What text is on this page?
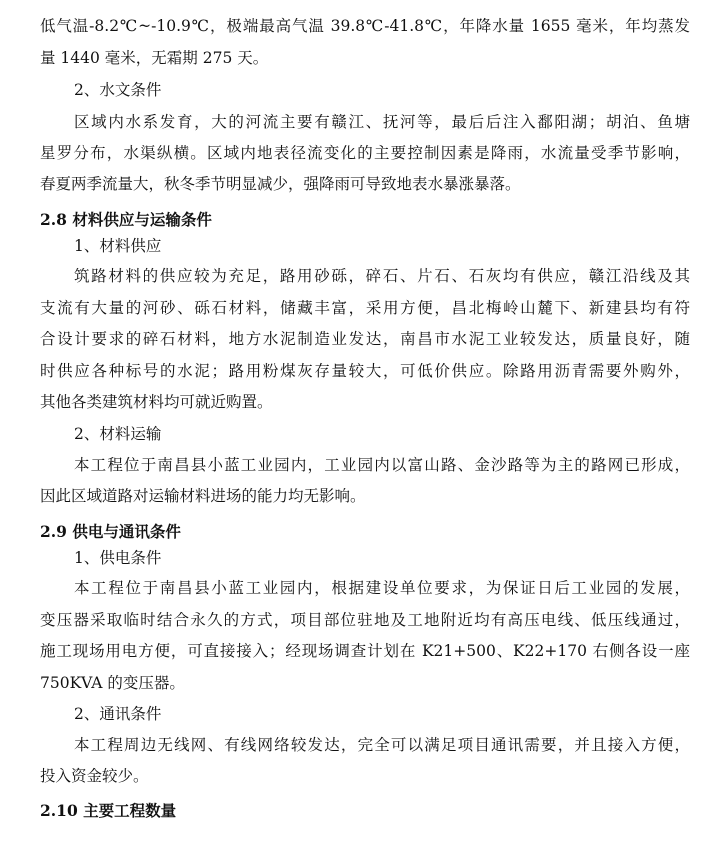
低气温-8.2℃~-10.9℃，极端最高气温 39.8℃-41.8℃，年降水量 1655 毫米，年均蒸发
量 1440 毫米，无霜期 275 天。
2、水文条件
区域内水系发育，大的河流主要有赣江、抚河等，最后后注入鄱阳湖；胡泊、鱼塘
星罗分布，水渠纵横。区域内地表径流变化的主要控制因素是降雨，水流量受季节影响，
春夏两季流量大，秋冬季节明显减少，强降雨可导致地表水暴涨暴落。
2.8 材料供应与运输条件
1、材料供应
筑路材料的供应较为充足，路用砂砾，碎石、片石、石灰均有供应，赣江沿线及其
支流有大量的河砂、砾石材料，储藏丰富，采用方便，昌北梅岭山麓下、新建县均有符
合设计要求的碎石材料，地方水泥制造业发达，南昌市水泥工业较发达，质量良好，随
时供应各种标号的水泥；路用粉煤灰存量较大，可低价供应。除路用沥青需要外购外，
其他各类建筑材料均可就近购置。
2、材料运输
本工程位于南昌县小蓝工业园内，工业园内以富山路、金沙路等为主的路网已形成，
因此区域道路对运输材料进场的能力均无影响。
2.9 供电与通讯条件
1、供电条件
本工程位于南昌县小蓝工业园内，根据建设单位要求，为保证日后工业园的发展，
变压器采取临时结合永久的方式，项目部位驻地及工地附近均有高压电线、低压线通过，
施工现场用电方便，可直接接入；经现场调查计划在 K21+500、K22+170 右侧各设一座
750KVA 的变压器。
2、通讯条件
本工程周边无线网、有线网络较发达，完全可以满足项目通讯需要，并且接入方便，
投入资金较少。
2.10 主要工程数量
